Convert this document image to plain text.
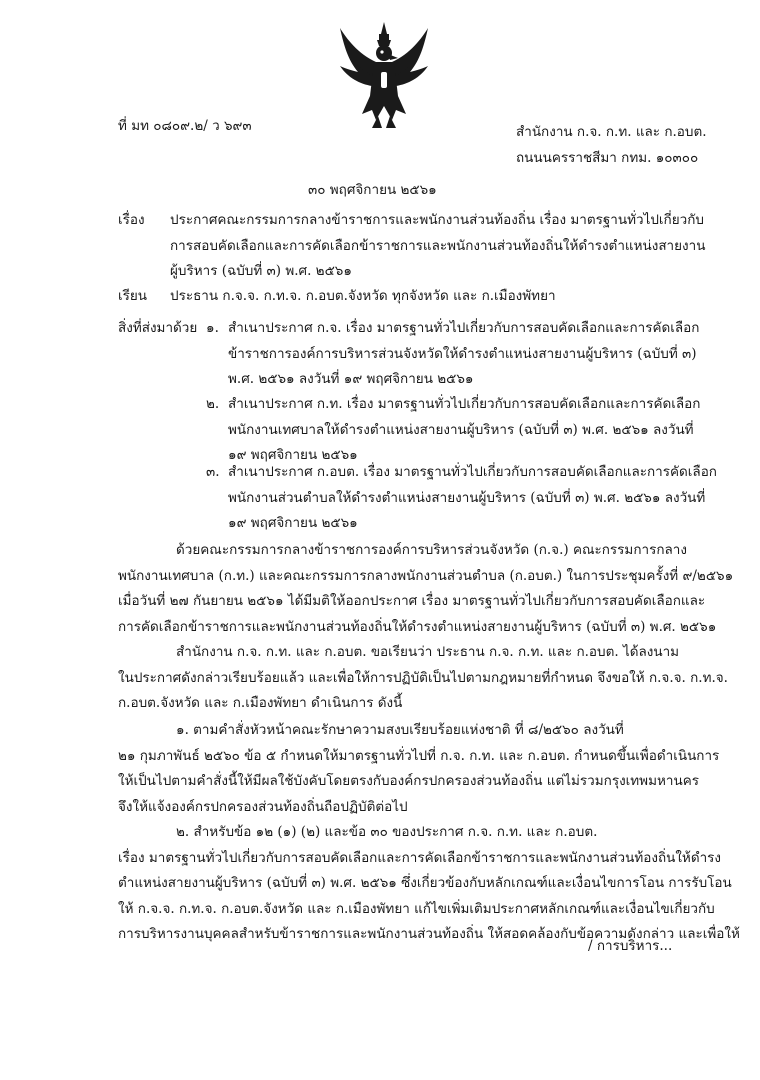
ที่ มท ๐๘๐๙.๒/ ว ๖๙๓	สำนักงาน ก.จ. ก.ท. และ ก.อบต.
ถนนนครราชสีมา กทม. ๑๐๓๐๐
๓๐ พฤศจิกายน ๒๕๖๑
เรื่อง ประกาศคณะกรรมการกลางข้าราชการและพนักงานส่วนท้องถิ่น เรื่อง มาตรฐานทั่วไปเกี่ยวกับ
การสอบคัดเลือกและการคัดเลือกข้าราชการและพนักงานส่วนท้องถิ่นให้ดำรงตำแหน่งสายงาน
ผู้บริหาร (ฉบับที่ ๓) พ.ศ. ๒๕๖๑
เรียน ประธาน ก.จ.จ. ก.ท.จ. ก.อบต.จังหวัด ทุกจังหวัด และ ก.เมืองพัทยา
สิ่งที่ส่งมาด้วย ๑. สำเนาประกาศ ก.จ. เรื่อง มาตรฐานทั่วไปเกี่ยวกับการสอบคัดเลือกและการคัดเลือก
ข้าราชการองค์การบริหารส่วนจังหวัดให้ดำรงตำแหน่งสายงานผู้บริหาร (ฉบับที่ ๓)
พ.ศ. ๒๕๖๑ ลงวันที่ ๑๙ พฤศจิกายน ๒๕๖๑
๒. สำเนาประกาศ ก.ท. เรื่อง มาตรฐานทั่วไปเกี่ยวกับการสอบคัดเลือกและการคัดเลือก
พนักงานเทศบาลให้ดำรงตำแหน่งสายงานผู้บริหาร (ฉบับที่ ๓) พ.ศ. ๒๕๖๑ ลงวันที่
๑๙ พฤศจิกายน ๒๕๖๑
๓. สำเนาประกาศ ก.อบต. เรื่อง มาตรฐานทั่วไปเกี่ยวกับการสอบคัดเลือกและการคัดเลือก
พนักงานส่วนตำบลให้ดำรงตำแหน่งสายงานผู้บริหาร (ฉบับที่ ๓) พ.ศ. ๒๕๖๑ ลงวันที่
๑๙ พฤศจิกายน ๒๕๖๑
ด้วยคณะกรรมการกลางข้าราชการองค์การบริหารส่วนจังหวัด (ก.จ.) คณะกรรมการกลาง
พนักงานเทศบาล (ก.ท.) และคณะกรรมการกลางพนักงานส่วนตำบล (ก.อบต.) ในการประชุมครั้งที่ ๙/๒๕๖๑
เมื่อวันที่ ๒๗ กันยายน ๒๕๖๑ ได้มีมติให้ออกประกาศ เรื่อง มาตรฐานทั่วไปเกี่ยวกับการสอบคัดเลือกและ
การคัดเลือกข้าราชการและพนักงานส่วนท้องถิ่นให้ดำรงตำแหน่งสายงานผู้บริหาร (ฉบับที่ ๓) พ.ศ. ๒๕๖๑
สำนักงาน ก.จ. ก.ท. และ ก.อบต. ขอเรียนว่า ประธาน ก.จ. ก.ท. และ ก.อบต. ได้ลงนาม
ในประกาศดังกล่าวเรียบร้อยแล้ว และเพื่อให้การปฏิบัติเป็นไปตามกฎหมายที่กำหนด จึงขอให้ ก.จ.จ. ก.ท.จ.
ก.อบต.จังหวัด และ ก.เมืองพัทยา ดำเนินการ ดังนี้
๑. ตามคำสั่งหัวหน้าคณะรักษาความสงบเรียบร้อยแห่งชาติ ที่ ๘/๒๕๖๐ ลงวันที่
๒๑ กุมภาพันธ์ ๒๕๖๐ ข้อ ๕ กำหนดให้มาตรฐานทั่วไปที่ ก.จ. ก.ท. และ ก.อบต. กำหนดขึ้นเพื่อดำเนินการ
ให้เป็นไปตามคำสั่งนี้ให้มีผลใช้บังคับโดยตรงกับองค์กรปกครองส่วนท้องถิ่น แต่ไม่รวมกรุงเทพมหานคร
จึงให้แจ้งองค์กรปกครองส่วนท้องถิ่นถือปฏิบัติต่อไป
๒. สำหรับข้อ ๑๒ (๑) (๒) และข้อ ๓๐ ของประกาศ ก.จ. ก.ท. และ ก.อบต.
เรื่อง มาตรฐานทั่วไปเกี่ยวกับการสอบคัดเลือกและการคัดเลือกข้าราชการและพนักงานส่วนท้องถิ่นให้ดำรง
ตำแหน่งสายงานผู้บริหาร (ฉบับที่ ๓) พ.ศ. ๒๕๖๑ ซึ่งเกี่ยวข้องกับหลักเกณฑ์และเงื่อนไขการโอน การรับโอน
ให้ ก.จ.จ. ก.ท.จ. ก.อบต.จังหวัด และ ก.เมืองพัทยา แก้ไขเพิ่มเติมประกาศหลักเกณฑ์และเงื่อนไขเกี่ยวกับ
การบริหารงานบุคคลสำหรับข้าราชการและพนักงานส่วนท้องถิ่น ให้สอดคล้องกับข้อความดังกล่าว และเพื่อให้
/ การบริหาร...
